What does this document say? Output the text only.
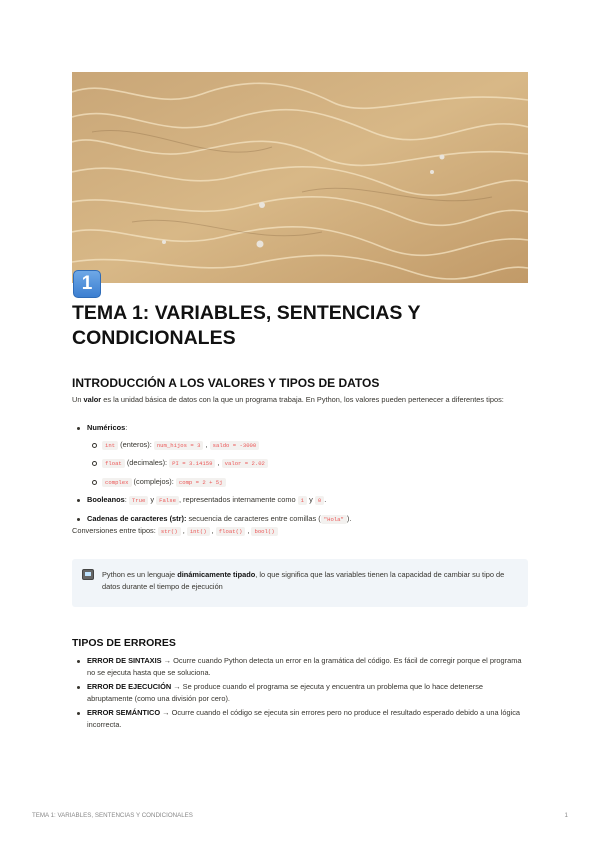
1
TEMA 1: VARIABLES, SENTENCIAS Y CONDICIONALES
INTRODUCCIÓN A LOS VALORES Y TIPOS DE DATOS

Un valor es la unidad básica de datos con la que un programa trabaja. En Python, los valores pueden pertenecer a diferentes tipos:

Numéricos:
int (enteros): num_hijos = 3 , saldo = -3000
float (decimales): PI = 3.14159 , valor = 2.02
complex (complejos): comp = 2 + 5j
Booleanos: True y False , representados internamente como 1 y 0 .
Cadenas de caracteres (str): secuencia de caracteres entre comillas ( "Hola" ).

Conversiones entre tipos: str() , int() , float() , bool()

Python es un lenguaje dinámicamente tipado, lo que significa que las variables tienen la capacidad de cambiar su tipo de datos durante el tiempo de ejecución

TIPOS DE ERRORES
ERROR DE SINTAXIS → Ocurre cuando Python detecta un error en la gramática del código. Es fácil de corregir porque el programa no se ejecuta hasta que se soluciona.
ERROR DE EJECUCIÓN → Se produce cuando el programa se ejecuta y encuentra un problema que lo hace detenerse abruptamente (como una división por cero).
ERROR SEMÁNTICO → Ocurre cuando el código se ejecuta sin errores pero no produce el resultado esperado debido a una lógica incorrecta.
TEMA 1: VARIABLES, SENTENCIAS Y CONDICIONALES	1
